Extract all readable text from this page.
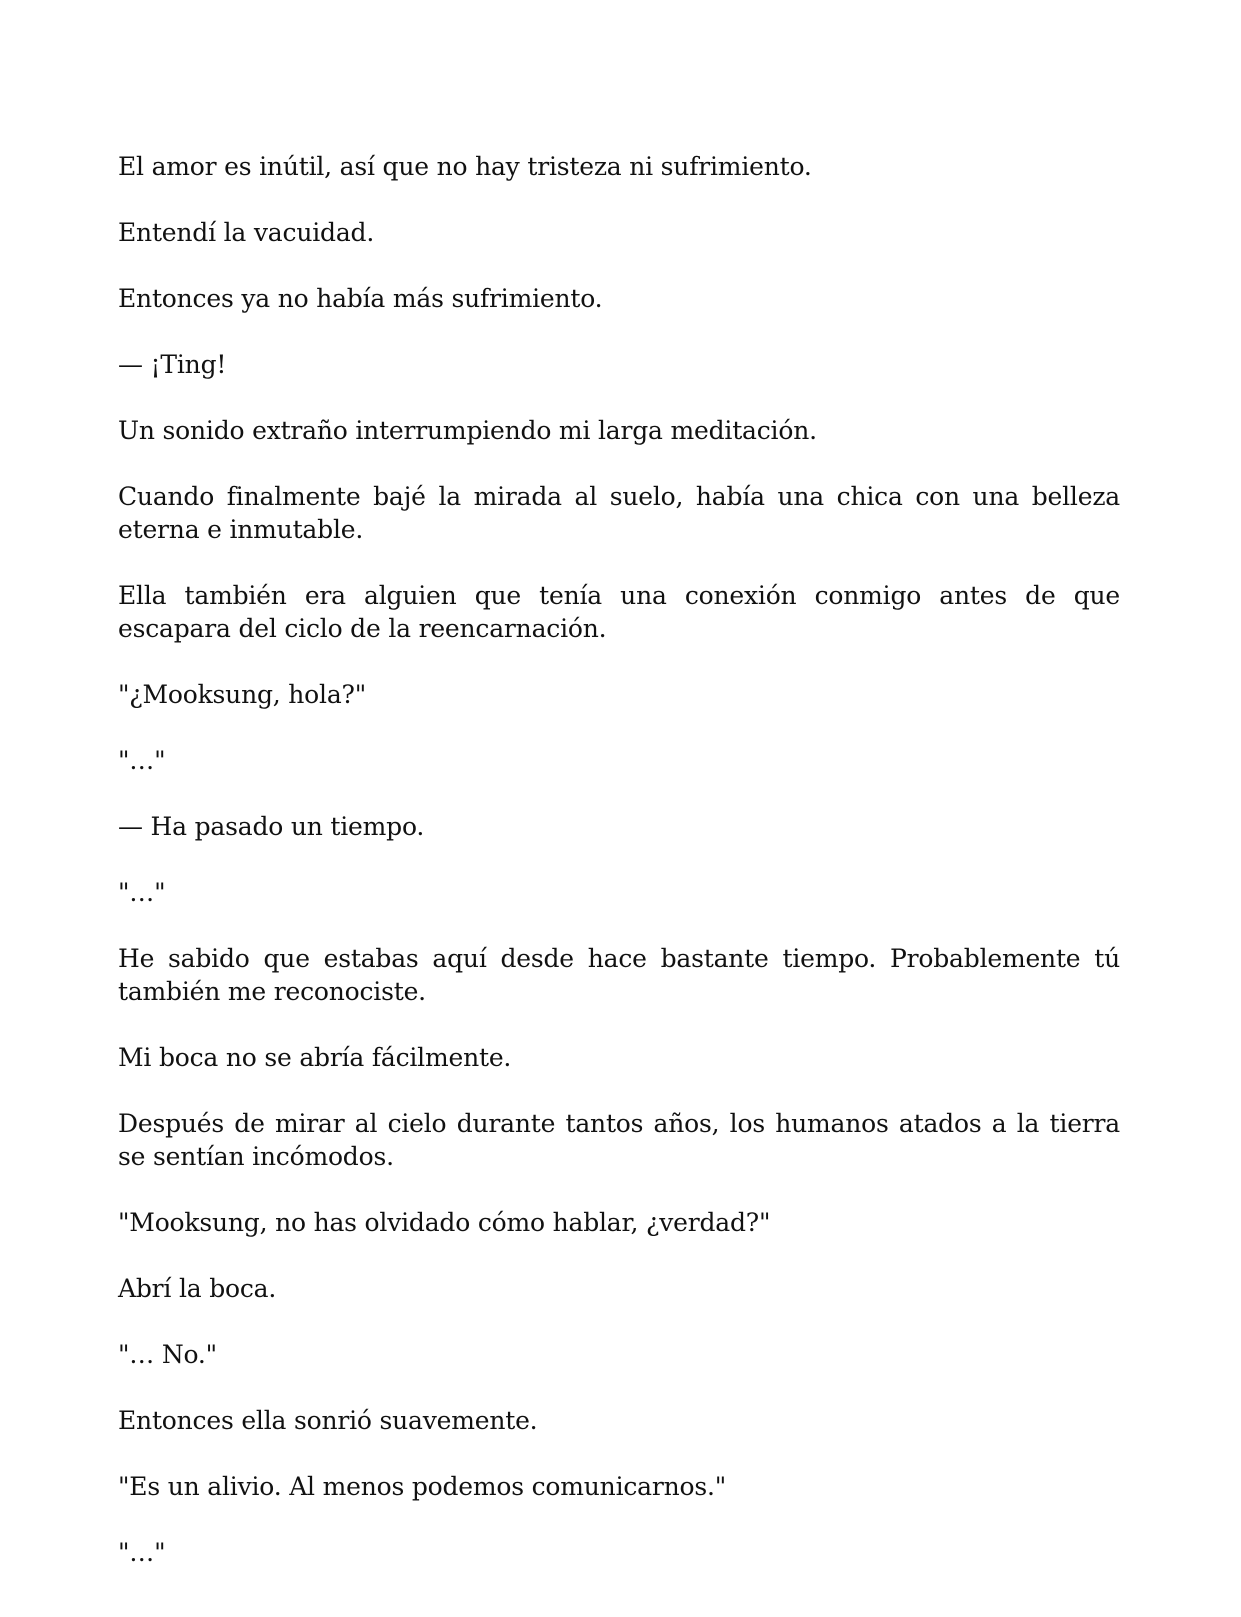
El amor es inútil, así que no hay tristeza ni sufrimiento.

Entendí la vacuidad.

Entonces ya no había más sufrimiento.

— ¡Ting!

Un sonido extraño interrumpiendo mi larga meditación.

Cuando finalmente bajé la mirada al suelo, había una chica con una belleza eterna e inmutable.

Ella también era alguien que tenía una conexión conmigo antes de que escapara del ciclo de la reencarnación.

"¿Mooksung, hola?"

"…"

— Ha pasado un tiempo.

"…"

He sabido que estabas aquí desde hace bastante tiempo. Probablemente tú también me reconociste.

Mi boca no se abría fácilmente.

Después de mirar al cielo durante tantos años, los humanos atados a la tierra se sentían incómodos.

"Mooksung, no has olvidado cómo hablar, ¿verdad?"

Abrí la boca.

"… No."

Entonces ella sonrió suavemente.

"Es un alivio. Al menos podemos comunicarnos."

"…"
